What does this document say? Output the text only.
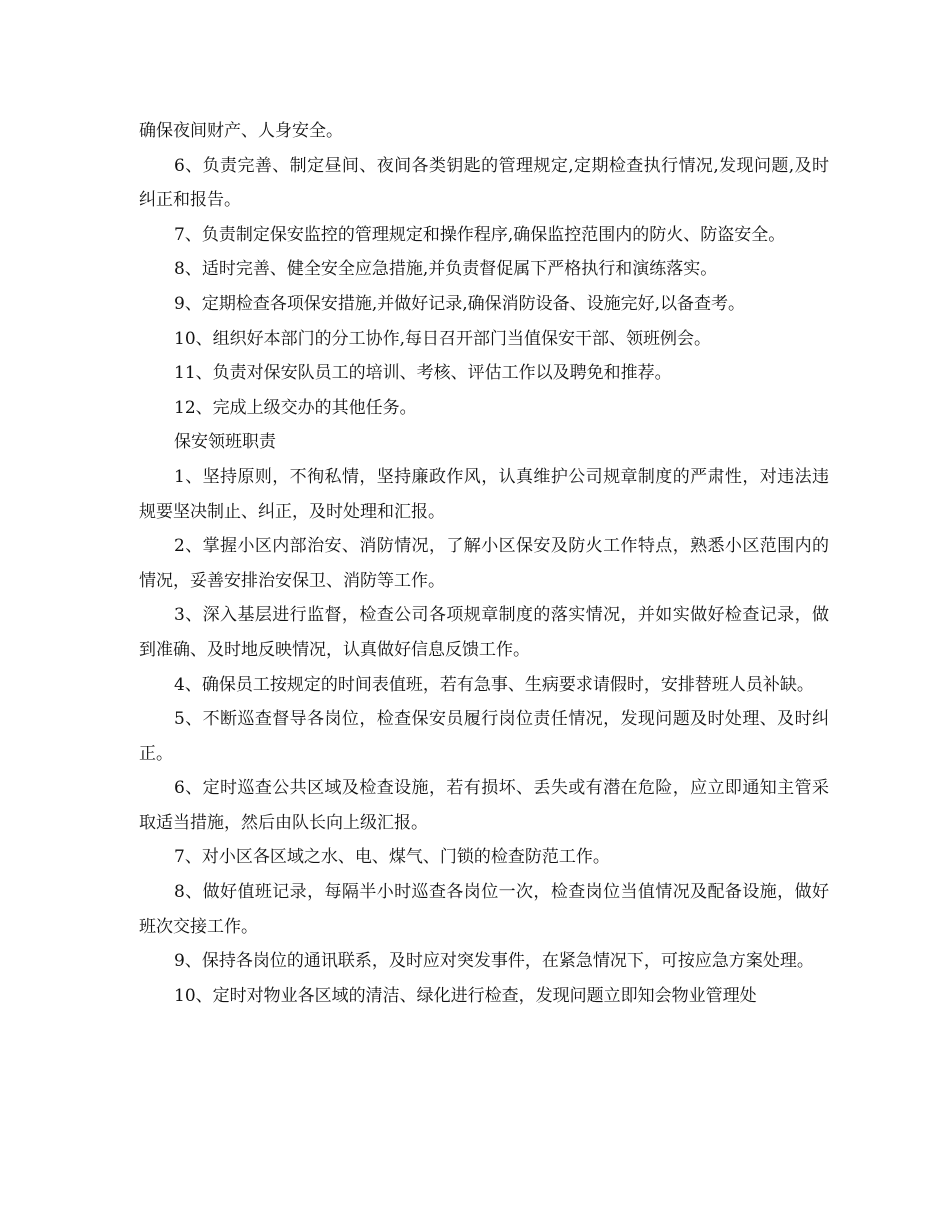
确保夜间财产、人身安全。

6、负责完善、制定昼间、夜间各类钥匙的管理规定,定期检查执行情况,发现问题,及时纠正和报告。

7、负责制定保安监控的管理规定和操作程序,确保监控范围内的防火、防盗安全。

8、适时完善、健全安全应急措施,并负责督促属下严格执行和演练落实。

9、定期检查各项保安措施,并做好记录,确保消防设备、设施完好,以备查考。

10、组织好本部门的分工协作,每日召开部门当值保安干部、领班例会。

11、负责对保安队员工的培训、考核、评估工作以及聘免和推荐。

12、完成上级交办的其他任务。

保安领班职责

1、坚持原则，不徇私情，坚持廉政作风，认真维护公司规章制度的严肃性，对违法违规要坚决制止、纠正，及时处理和汇报。

2、掌握小区内部治安、消防情况，了解小区保安及防火工作特点，熟悉小区范围内的情况，妥善安排治安保卫、消防等工作。

3、深入基层进行监督，检查公司各项规章制度的落实情况，并如实做好检查记录，做到准确、及时地反映情况，认真做好信息反馈工作。

4、确保员工按规定的时间表值班，若有急事、生病要求请假时，安排替班人员补缺。

5、不断巡查督导各岗位，检查保安员履行岗位责任情况，发现问题及时处理、及时纠正。

6、定时巡查公共区域及检查设施，若有损坏、丢失或有潜在危险，应立即通知主管采取适当措施，然后由队长向上级汇报。

7、对小区各区域之水、电、煤气、门锁的检查防范工作。

8、做好值班记录，每隔半小时巡查各岗位一次，检查岗位当值情况及配备设施，做好班次交接工作。

9、保持各岗位的通讯联系，及时应对突发事件，在紧急情况下，可按应急方案处理。

10、定时对物业各区域的清洁、绿化进行检查，发现问题立即知会物业管理处
